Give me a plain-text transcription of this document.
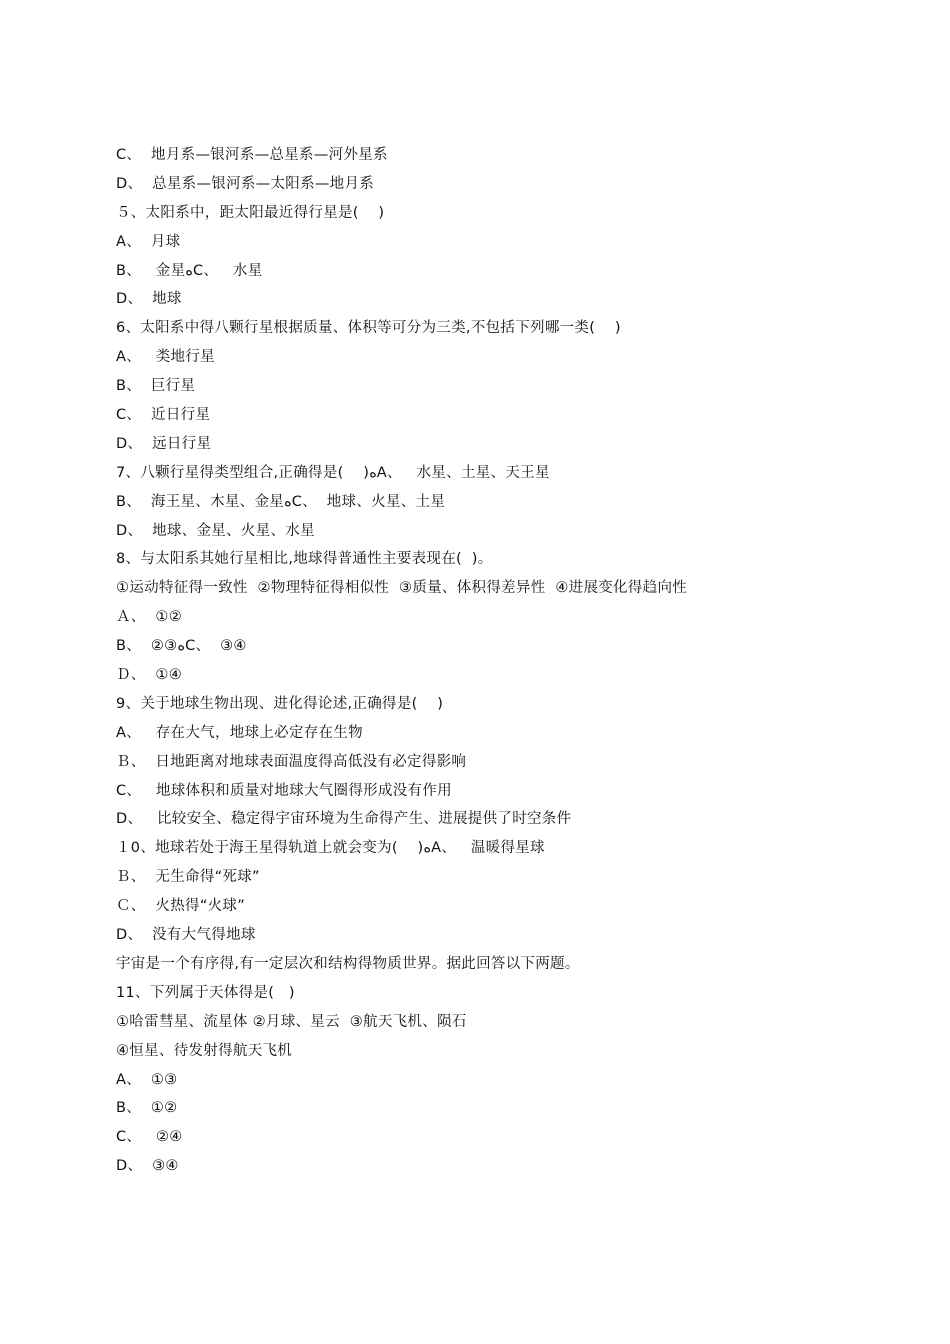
C、  地月系—银河系—总星系—河外星系
D、  总星系—银河系—太阳系—地月系
５、太阳系中，距太阳最近得行星是(    )
A、  月球
B、   金星ﻩC、   水星
D、  地球
6、太阳系中得八颗行星根据质量、体积等可分为三类,不包括下列哪一类(    )
A、   类地行星
B、  巨行星
C、  近日行星
D、  远日行星
7、八颗行星得类型组合,正确得是(    )ﻩA、   水星、土星、天王星
B、  海王星、木星、金星ﻩC、  地球、火星、土星
D、  地球、金星、火星、水星
8、与太阳系其她行星相比,地球得普通性主要表现在(  )。
①运动特征得一致性  ②物理特征得相似性  ③质量、体积得差异性  ④进展变化得趋向性
Ａ、  ①②
B、  ②③ﻩC、  ③④
Ｄ、  ①④
9、关于地球生物出现、进化得论述,正确得是(    )
A、   存在大气，地球上必定存在生物
Ｂ、  日地距离对地球表面温度得高低没有必定得影响
C、   地球体积和质量对地球大气圈得形成没有作用
D、   比较安全、稳定得宇宙环境为生命得产生、进展提供了时空条件
１0、地球若处于海王星得轨道上就会变为(    )ﻩA、   温暖得星球
Ｂ、  无生命得“死球”
Ｃ、  火热得“火球”
D、  没有大气得地球
宇宙是一个有序得,有一定层次和结构得物质世界。据此回答以下两题。
11、下列属于天体得是(   )
①哈雷彗星、流星体 ②月球、星云  ③航天飞机、陨石
④恒星、待发射得航天飞机
A、  ①③
B、  ①②
C、   ②④
D、  ③④
